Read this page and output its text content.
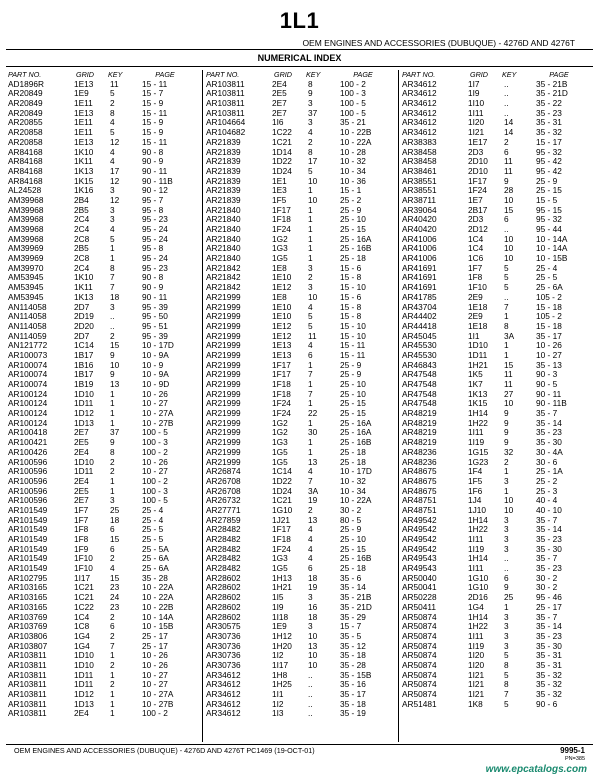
1L1
OEM ENGINES AND ACCESSORIES (DUBUQUE) - 4276D AND 4276T
NUMERICAL INDEX
PART NO.	GRID	KEY	PAGE
AD1896R	1E13	11	15 - 11
AR20849	1E9	5	15 - 7
AR20849	1E11	2	15 - 9
AR20849	1E13	8	15 - 11
AR20855	1E11	4	15 - 9
AR20858	1E11	5	15 - 9
AR20858	1E13	12	15 - 11
AR84168	1K10	4	90 - 8
AR84168	1K11	4	90 - 9
AR84168	1K13	17	90 - 11
AR84168	1K15	12	90 - 11B
AL24528	1K16	3	90 - 12
AM39968	2B4	12	95 - 7
AM39968	2B5	3	95 - 8
AM39968	2C4	3	95 - 23
AM39968	2C4	4	95 - 24
AM39968	2C8	5	95 - 24
AM39969	2B5	1	95 - 8
AM39969	2C8	1	95 - 24
AM39970	2C4	8	95 - 23
AM53945	1K10	7	90 - 8
AM53945	1K11	7	90 - 9
AM53945	1K13	18	90 - 11
AN114058	2D7	3	95 - 39
AN114058	2D19	..	95 - 50
AN114058	2D20	..	95 - 51
AN114059	2D7	2	95 - 39
AN121772	1C14	15	10 - 17D
AR100073	1B17	9	10 - 9A
AR100074	1B16	10	10 - 9
AR100074	1B17	9	10 - 9A
AR100074	1B19	13	10 - 9D
AR100124	1D10	1	10 - 26
AR100124	1D11	1	10 - 27
AR100124	1D12	1	10 - 27A
AR100124	1D13	1	10 - 27B
AR100418	2E7	37	100 - 5
AR100421	2E5	9	100 - 3
AR100426	2E4	8	100 - 2
AR100596	1D10	2	10 - 26
AR100596	1D11	2	10 - 27
AR100596	2E4	1	100 - 2
AR100596	2E5	1	100 - 3
AR100596	2E7	3	100 - 5
AR101549	1F7	25	25 - 4
AR101549	1F7	18	25 - 4
AR101549	1F8	6	25 - 5
AR101549	1F8	15	25 - 5
AR101549	1F9	6	25 - 5A
AR101549	1F10	2	25 - 6A
AR101549	1F10	4	25 - 6A
AR102795	1I17	15	35 - 28
AR103165	1C21	23	10 - 22A
AR103165	1C21	24	10 - 22A
AR103165	1C22	23	10 - 22B
AR103769	1C4	2	10 - 14A
AR103769	1C8	6	10 - 15B
AR103806	1G4	2	25 - 17
AR103807	1G4	7	25 - 17
AR103811	1D10	1	10 - 26
AR103811	1D10	2	10 - 26
AR103811	1D11	1	10 - 27
AR103811	1D11	2	10 - 27
AR103811	1D12	1	10 - 27A
AR103811	1D13	1	10 - 27B
AR103811	2E4	1	100 - 2
PART NO.	GRID	KEY	PAGE
AR103811	2E4	8	100 - 2
AR103811	2E5	9	100 - 3
AR103811	2E7	3	100 - 5
AR103811	2E7	37	100 - 5
AR104664	1I6	3	35 - 21
AR104682	1C22	4	10 - 22B
AR21839	1C21	2	10 - 22A
AR21839	1D14	8	10 - 28
AR21839	1D22	17	10 - 32
AR21839	1D24	5	10 - 34
AR21839	1E1	10	10 - 36
AR21839	1E3	1	15 - 1
AR21839	1F5	10	25 - 2
AR21840	1F17	1	25 - 9
AR21840	1F18	1	25 - 10
AR21840	1F24	1	25 - 15
AR21840	1G2	1	25 - 16A
AR21840	1G3	1	25 - 16B
AR21840	1G5	1	25 - 18
AR21842	1E8	3	15 - 6
AR21842	1E10	2	15 - 8
AR21842	1E12	3	15 - 10
AR21999	1E8	10	15 - 6
AR21999	1E10	4	15 - 8
AR21999	1E10	5	15 - 8
AR21999	1E12	5	15 - 10
AR21999	1E12	11	15 - 10
AR21999	1E13	4	15 - 11
AR21999	1E13	6	15 - 11
AR21999	1F17	1	25 - 9
AR21999	1F17	7	25 - 9
AR21999	1F18	1	25 - 10
AR21999	1F18	7	25 - 10
AR21999	1F24	1	25 - 15
AR21999	1F24	22	25 - 15
AR21999	1G2	1	25 - 16A
AR21999	1G2	30	25 - 16A
AR21999	1G3	1	25 - 16B
AR21999	1G5	1	25 - 18
AR21999	1G5	13	25 - 18
AR26874	1C14	4	10 - 17D
AR26708	1D22	7	10 - 32
AR26708	1D24	3A	10 - 34
AR26732	1C21	19	10 - 22A
AR27771	1G10	2	30 - 2
AR27859	1J21	13	80 - 5
AR28482	1F17	4	25 - 9
AR28482	1F18	4	25 - 10
AR28482	1F24	4	25 - 15
AR28482	1G3	4	25 - 16B
AR28482	1G5	6	25 - 18
AR28602	1H13	18	35 - 6
AR28602	1H21	19	35 - 14
AR28602	1I5	3	35 - 21B
AR28602	1I9	16	35 - 21D
AR28602	1I18	18	35 - 29
AR30575	1E9	3	15 - 7
AR30736	1H12	10	35 - 5
AR30736	1H20	13	35 - 12
AR30736	1I2	10	35 - 18
AR30736	1I17	10	35 - 28
AR34612	1H8	..	35 - 15B
AR34612	1H25	..	35 - 16
AR34612	1I1	..	35 - 17
AR34612	1I2	..	35 - 18
AR34612	1I3	..	35 - 19
PART NO.	GRID	KEY	PAGE
AR34612	1I7	..	35 - 21B
AR34612	1I9	..	35 - 21D
AR34612	1I10	..	35 - 22
AR34612	1I11	..	35 - 23
AR34612	1I20	14	35 - 31
AR34612	1I21	14	35 - 32
AR38383	1E17	2	15 - 17
AR38458	2D3	6	95 - 32
AR38458	2D10	11	95 - 42
AR38461	2D10	11	95 - 42
AR38551	1F17	9	25 - 9
AR38551	1F24	28	25 - 15
AR38711	1E7	10	15 - 5
AR39064	2B17	15	95 - 15
AR40420	2D3	6	95 - 32
AR40420	2D12	..	95 - 44
AR41006	1C4	10	10 - 14A
AR41006	1C4	10	10 - 14A
AR41006	1C6	10	10 - 15B
AR41691	1F7	5	25 - 4
AR41691	1F8	5	25 - 5
AR41691	1F10	5	25 - 6A
AR41785	2E9	..	105 - 2
AR43704	1E18	7	15 - 18
AR44402	2E9	1	105 - 2
AR44418	1E18	8	15 - 18
AR45045	1I1	3A	35 - 17
AR45530	1D10	1	10 - 26
AR45530	1D11	1	10 - 27
AR46843	1H21	15	35 - 13
AR47548	1K5	11	90 - 3
AR47548	1K7	11	90 - 5
AR47548	1K13	27	90 - 11
AR47548	1K15	10	90 - 11B
AR48219	1H14	9	35 - 7
AR48219	1H22	9	35 - 14
AR48219	1I11	9	35 - 23
AR48219	1I19	9	35 - 30
AR48236	1G15	32	30 - 4A
AR48236	1G23	2	30 - 6
AR48675	1F4	1	25 - 1A
AR48675	1F5	3	25 - 2
AR48675	1F6	1	25 - 3
AR48751	1J4	10	40 - 4
AR48751	1J10	10	40 - 10
AR49542	1H14	3	35 - 7
AR49542	1H22	3	35 - 14
AR49542	1I11	3	35 - 23
AR49542	1I19	3	35 - 30
AR49543	1H14	..	35 - 7
AR49543	1I11	..	35 - 23
AR50040	1G10	6	30 - 2
AR50041	1G10	9	30 - 2
AR50228	2D16	25	95 - 46
AR50411	1G4	1	25 - 17
AR50874	1H14	3	35 - 7
AR50874	1H22	3	35 - 14
AR50874	1I11	3	35 - 23
AR50874	1I19	3	35 - 30
AR50874	1I20	5	35 - 31
AR50874	1I20	8	35 - 31
AR50874	1I21	5	35 - 32
AR50874	1I21	8	35 - 32
AR50874	1I21	7	35 - 32
AR51481	1K8	5	90 - 6
OEM ENGINES AND ACCESSORIES (DUBUQUE) - 4276D AND 4276T PC1469 (19-OCT-01)	9995-1
PN=385
www.epcatalogs.com
